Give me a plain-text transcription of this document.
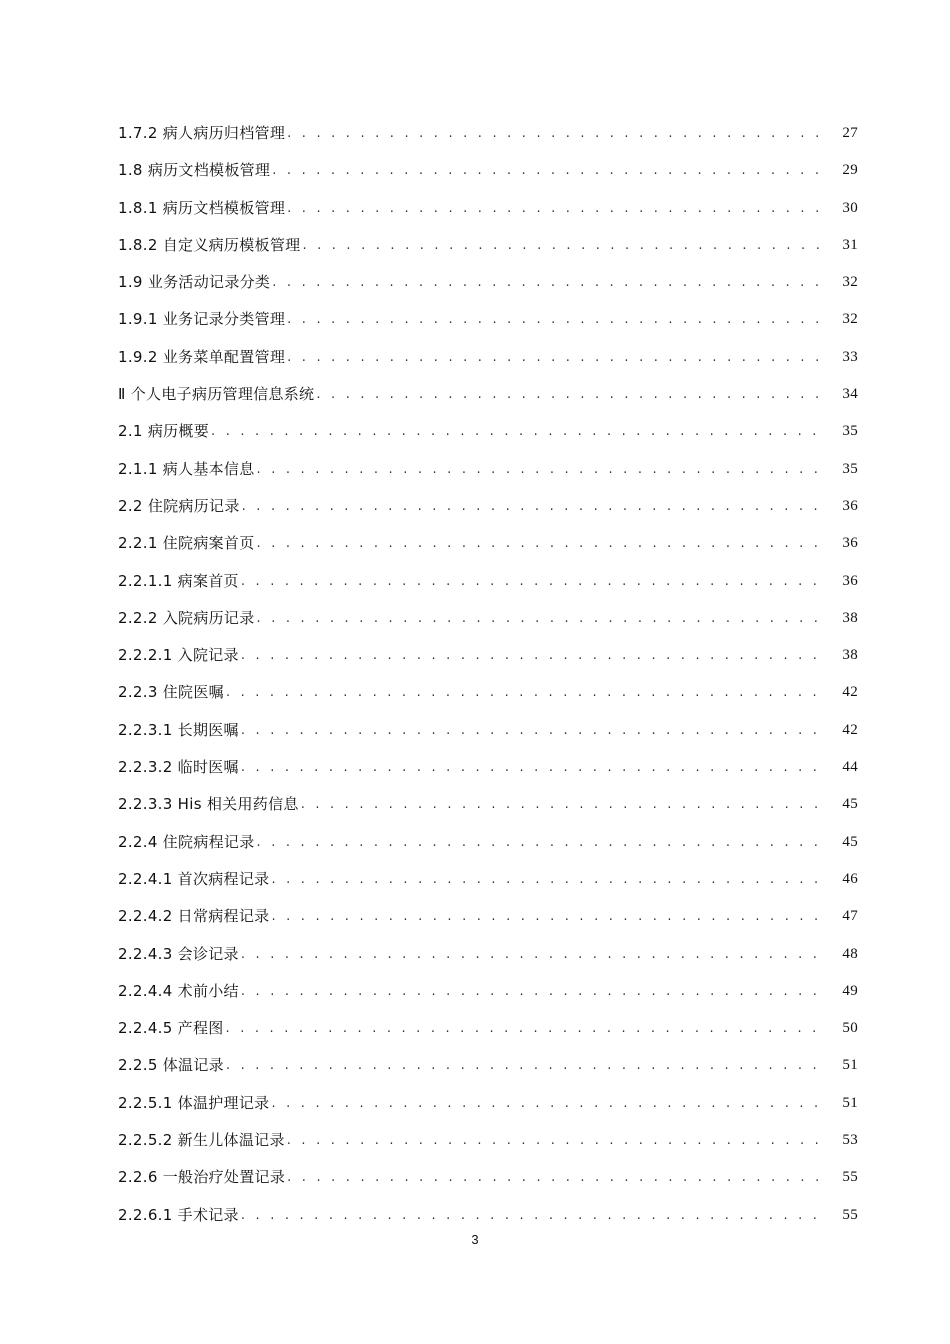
1.7.2 病人病历归档管理 . . .	27
1.8 病历文档模板管理 . . .	29
1.8.1 病历文档模板管理 . . .	30
1.8.2 自定义病历模板管理 . . .	31
1.9 业务活动记录分类 . . .	32
1.9.1 业务记录分类管理 . . .	32
1.9.2 业务菜单配置管理 . . .	33
Ⅱ 个人电子病历管理信息系统 . . .	34
2.1 病历概要 . . .	35
2.1.1 病人基本信息 . . .	35
2.2 住院病历记录 . . .	36
2.2.1 住院病案首页 . . .	36
2.2.1.1 病案首页 . . .	36
2.2.2 入院病历记录 . . .	38
2.2.2.1 入院记录 . . .	38
2.2.3 住院医嘱 . . .	42
2.2.3.1 长期医嘱 . . .	42
2.2.3.2 临时医嘱 . . .	44
2.2.3.3 His 相关用药信息 . . .	45
2.2.4 住院病程记录 . . .	45
2.2.4.1 首次病程记录 . . .	46
2.2.4.2 日常病程记录 . . .	47
2.2.4.3 会诊记录 . . .	48
2.2.4.4 术前小结 . . .	49
2.2.4.5 产程图 . . .	50
2.2.5 体温记录 . . .	51
2.2.5.1 体温护理记录 . . .	51
2.2.5.2 新生儿体温记录 . . .	53
2.2.6 一般治疗处置记录 . . .	55
2.2.6.1 手术记录 . . .	55
3
